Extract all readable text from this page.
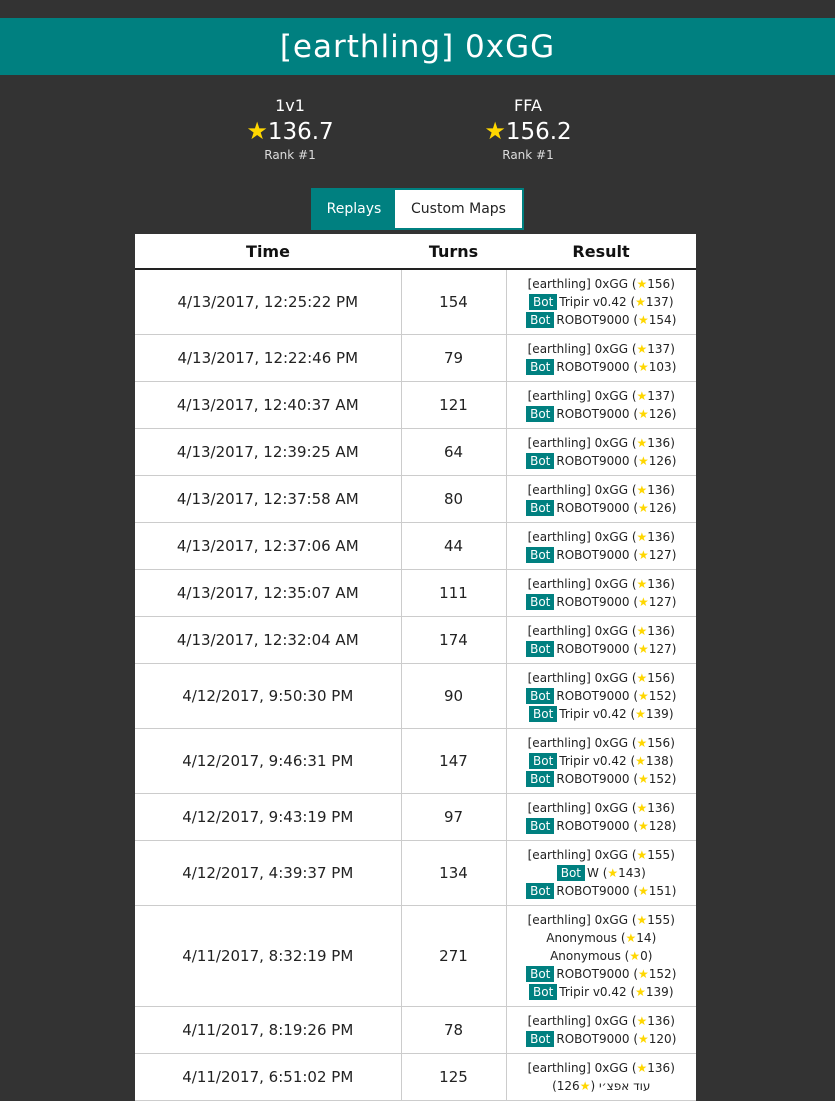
[earthling] 0xGG
1v1
★136.7
Rank #1
FFA
★156.2
Rank #1
Replays	Custom Maps
Time	Turns	Result
4/13/2017, 12:25:22 PM	154	[earthling] 0xGG (★156)
Bot Tripir v0.42 (★137)
Bot ROBOT9000 (★154)

4/13/2017, 12:22:46 PM	79	[earthling] 0xGG (★137)
Bot ROBOT9000 (★103)

4/13/2017, 12:40:37 AM	121	[earthling] 0xGG (★137)
Bot ROBOT9000 (★126)

4/13/2017, 12:39:25 AM	64	[earthling] 0xGG (★136)
Bot ROBOT9000 (★126)

4/13/2017, 12:37:58 AM	80	[earthling] 0xGG (★136)
Bot ROBOT9000 (★126)

4/13/2017, 12:37:06 AM	44	[earthling] 0xGG (★136)
Bot ROBOT9000 (★127)

4/13/2017, 12:35:07 AM	111	[earthling] 0xGG (★136)
Bot ROBOT9000 (★127)

4/13/2017, 12:32:04 AM	174	[earthling] 0xGG (★136)
Bot ROBOT9000 (★127)

4/12/2017, 9:50:30 PM	90	[earthling] 0xGG (★156)
Bot ROBOT9000 (★152)
Bot Tripir v0.42 (★139)

4/12/2017, 9:46:31 PM	147	[earthling] 0xGG (★156)
Bot Tripir v0.42 (★138)
Bot ROBOT9000 (★152)

4/12/2017, 9:43:19 PM	97	[earthling] 0xGG (★136)
Bot ROBOT9000 (★128)

4/12/2017, 4:39:37 PM	134	[earthling] 0xGG (★155)
Bot W (★143)
Bot ROBOT9000 (★151)

4/11/2017, 8:32:19 PM	271	[earthling] 0xGG (★155)
Anonymous (★14)
Anonymous (★0)
Bot ROBOT9000 (★152)
Bot Tripir v0.42 (★139)

4/11/2017, 8:19:26 PM	78	[earthling] 0xGG (★136)
Bot ROBOT9000 (★120)

4/11/2017, 6:51:02 PM	125	[earthling] 0xGG (★136)
עוד אפצ׳י (★126)
